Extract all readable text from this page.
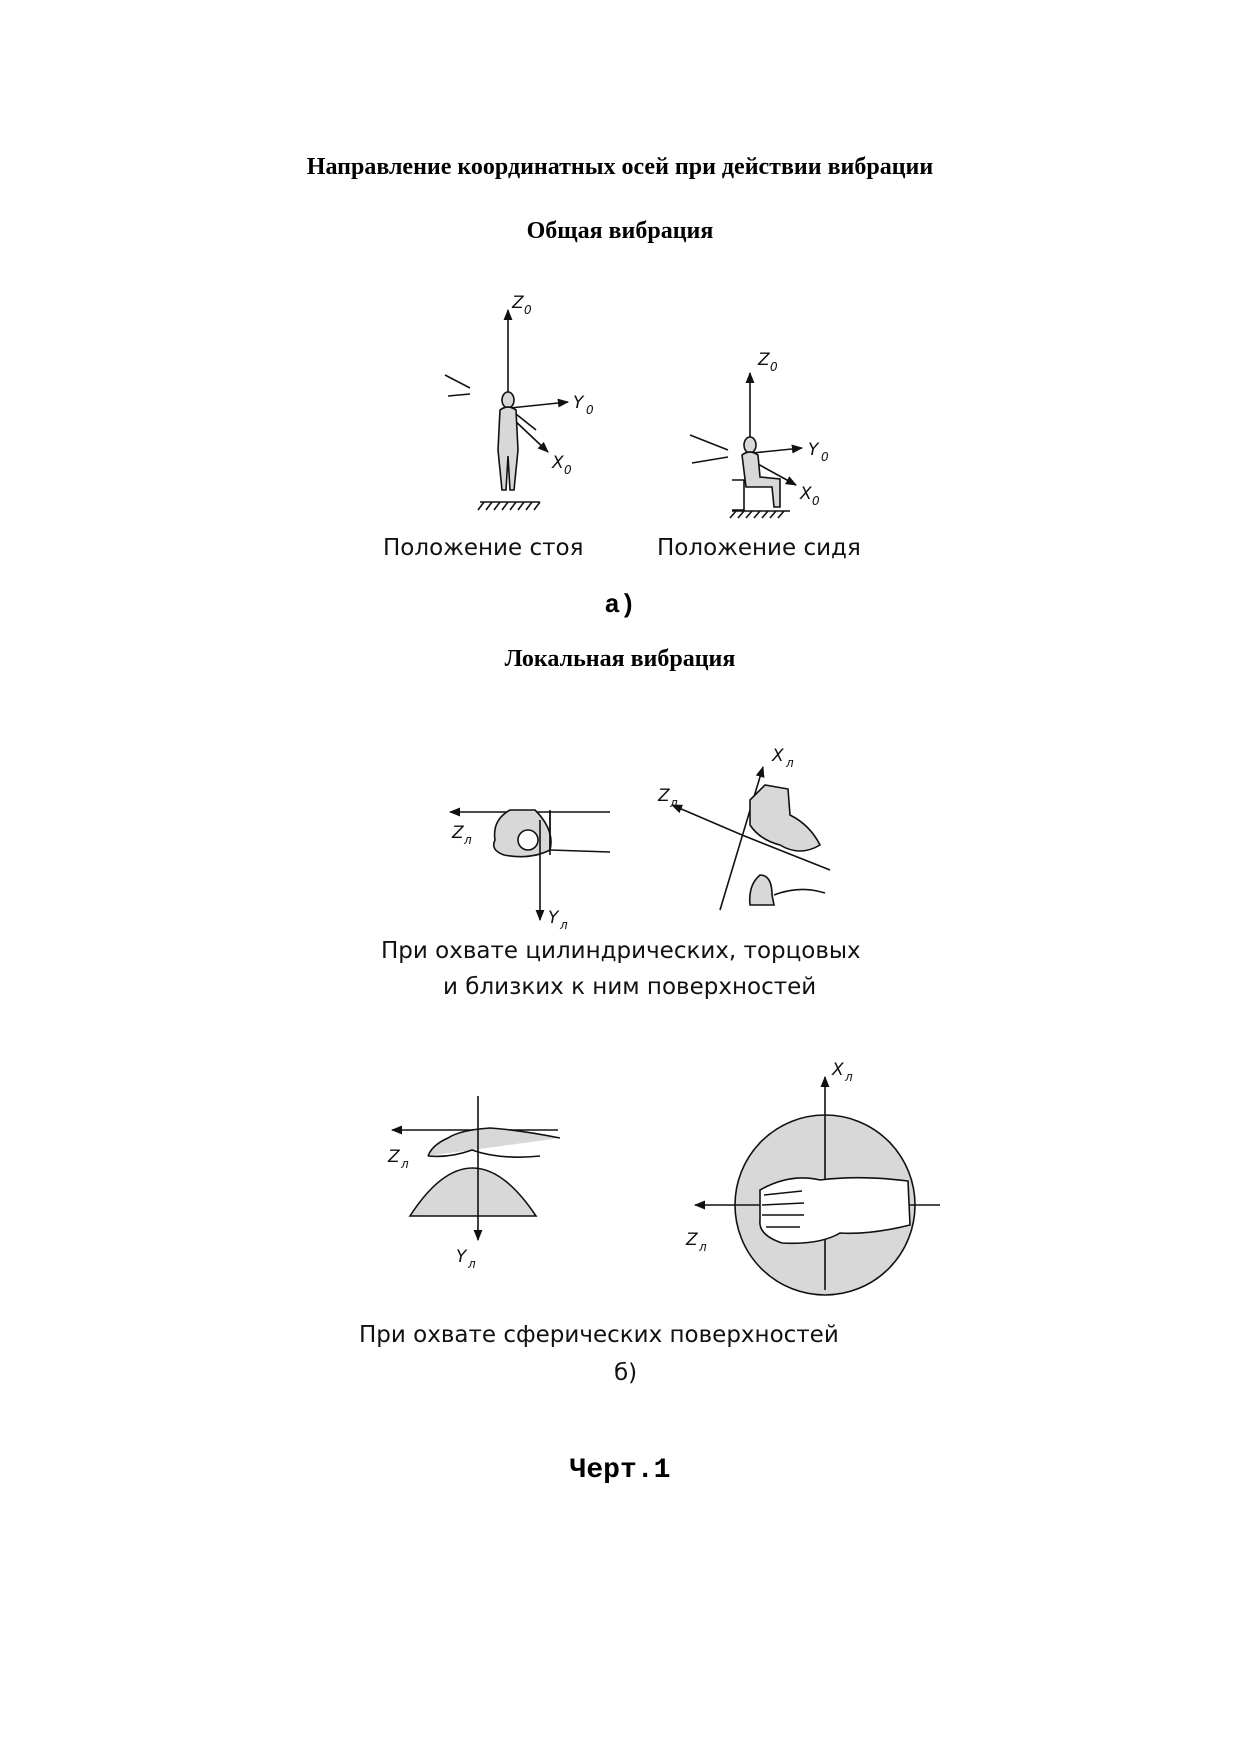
Направление координатных осей при действии вибрации
Общая вибрация
Z 0
Y 0
X 0
Z 0
Y 0
X 0
Положение стоя	Положение сидя
а)
Локальная вибрация
Z л
Y л
Z л
X л
При охвате цилиндрических, торцовых
и близких к ним поверхностей
Z л
Y л
X л
Z л
При охвате сферических поверхностей
б)
Черт.1
